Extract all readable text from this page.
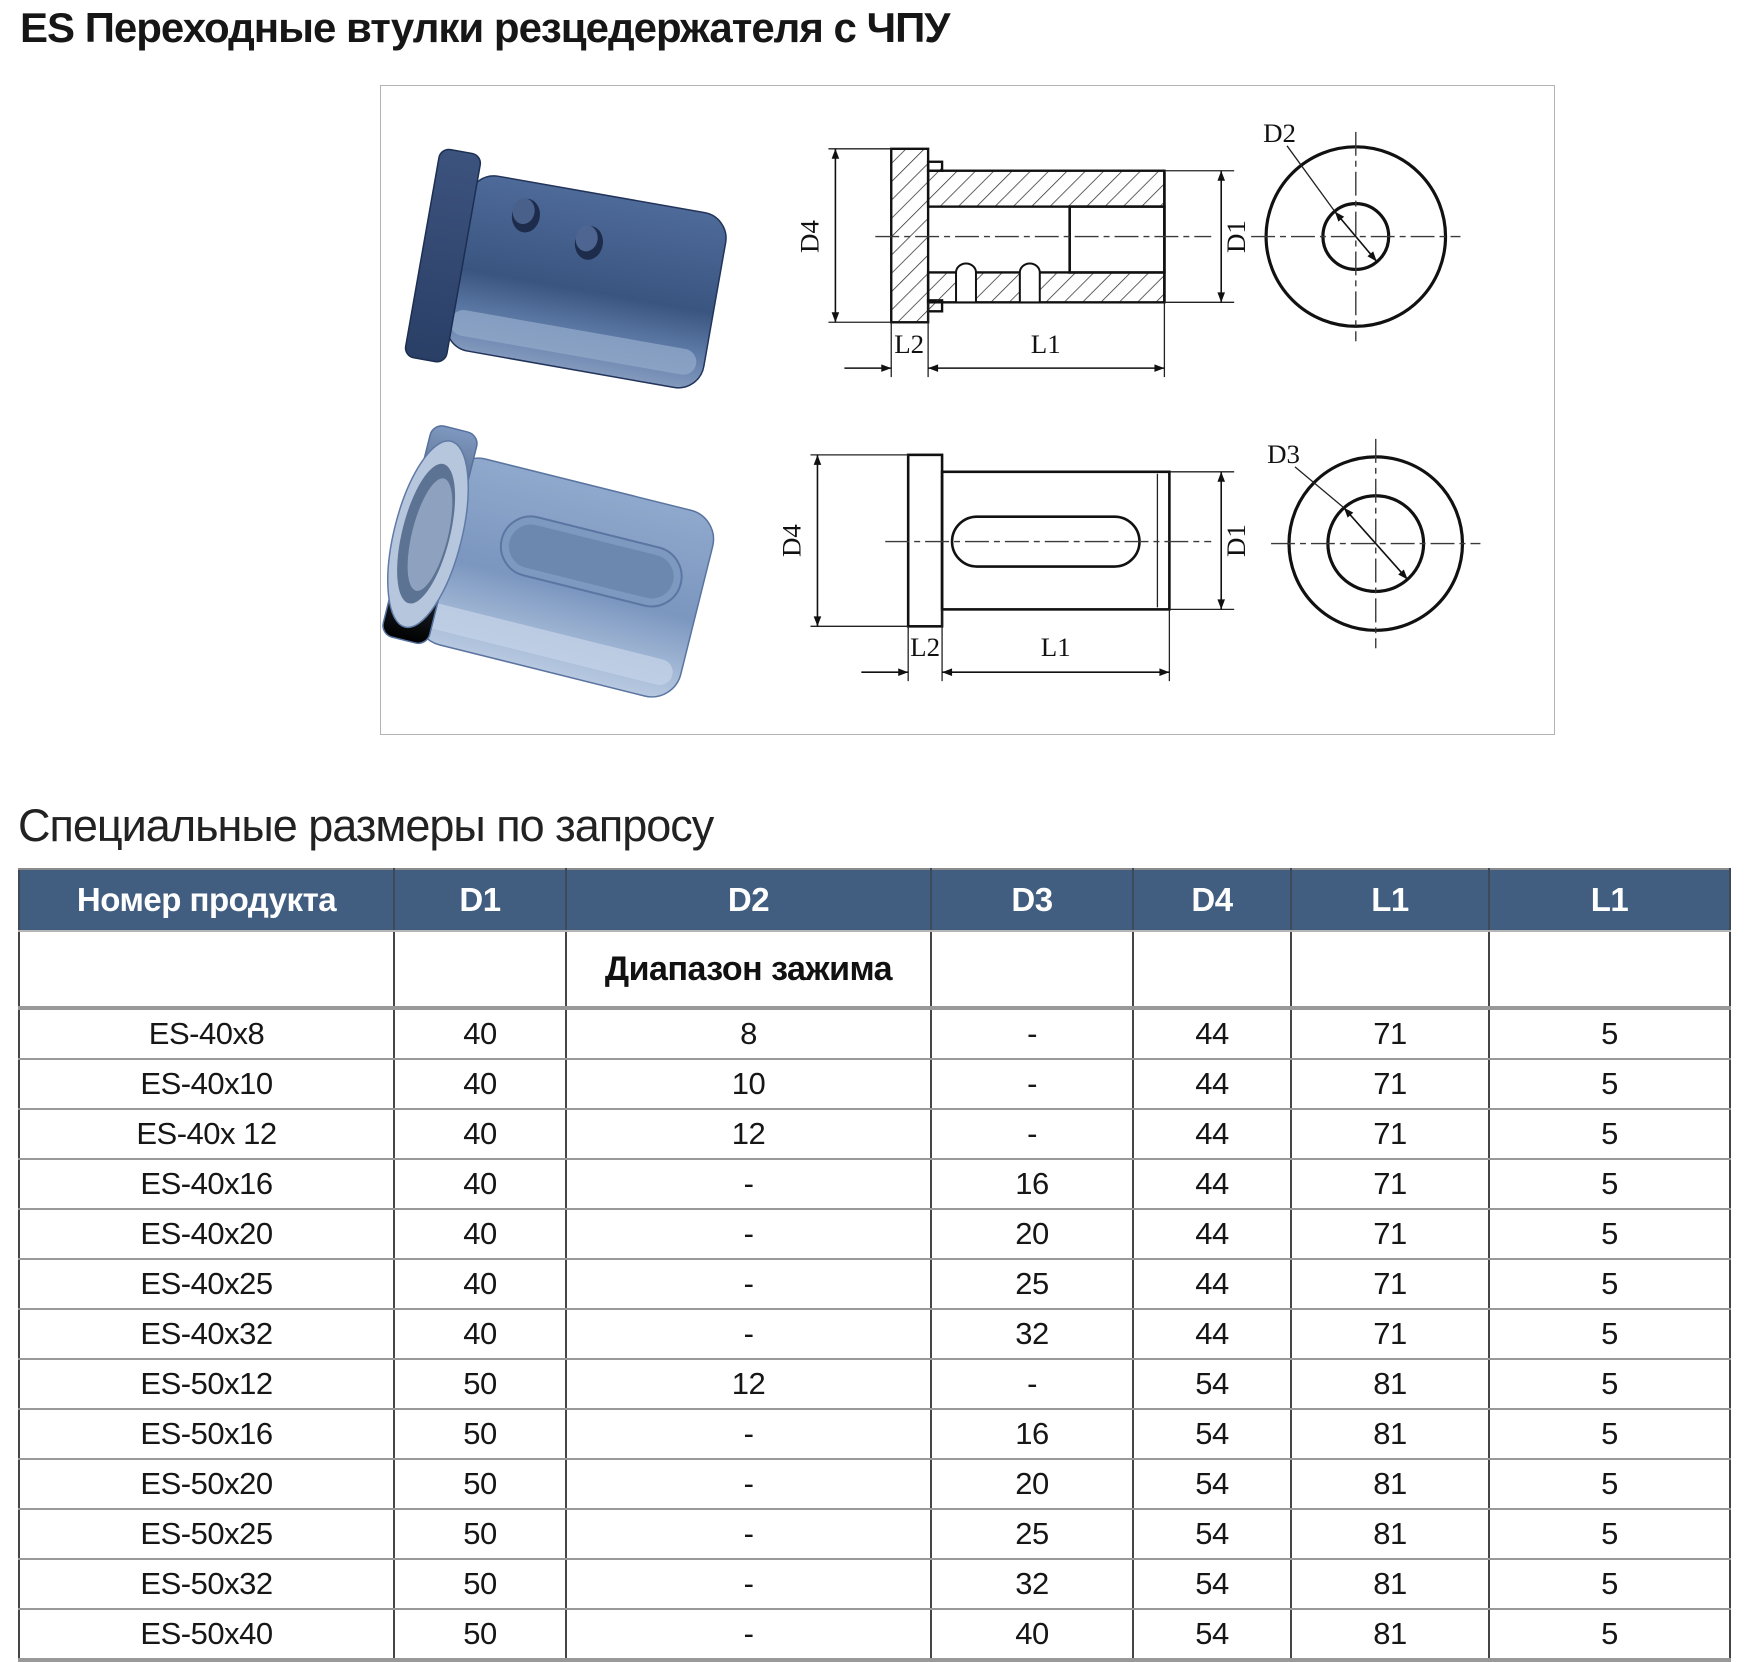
ES Переходные втулки резцедержателя с ЧПУ
D4	D1
L2	L1
D2
D4	D1
L2	L1
D3
Специальные размеры по запросу
Номер продукта	D1	D2	D3	D4	L1	L1
		Диапазон зажима				
ES-40x8	40	8	-	44	71	5
ES-40x10	40	10	-	44	71	5
ES-40x 12	40	12	-	44	71	5
ES-40x16	40	-	16	44	71	5
ES-40x20	40	-	20	44	71	5
ES-40x25	40	-	25	44	71	5
ES-40x32	40	-	32	44	71	5
ES-50x12	50	12	-	54	81	5
ES-50x16	50	-	16	54	81	5
ES-50x20	50	-	20	54	81	5
ES-50x25	50	-	25	54	81	5
ES-50x32	50	-	32	54	81	5
ES-50x40	50	-	40	54	81	5
